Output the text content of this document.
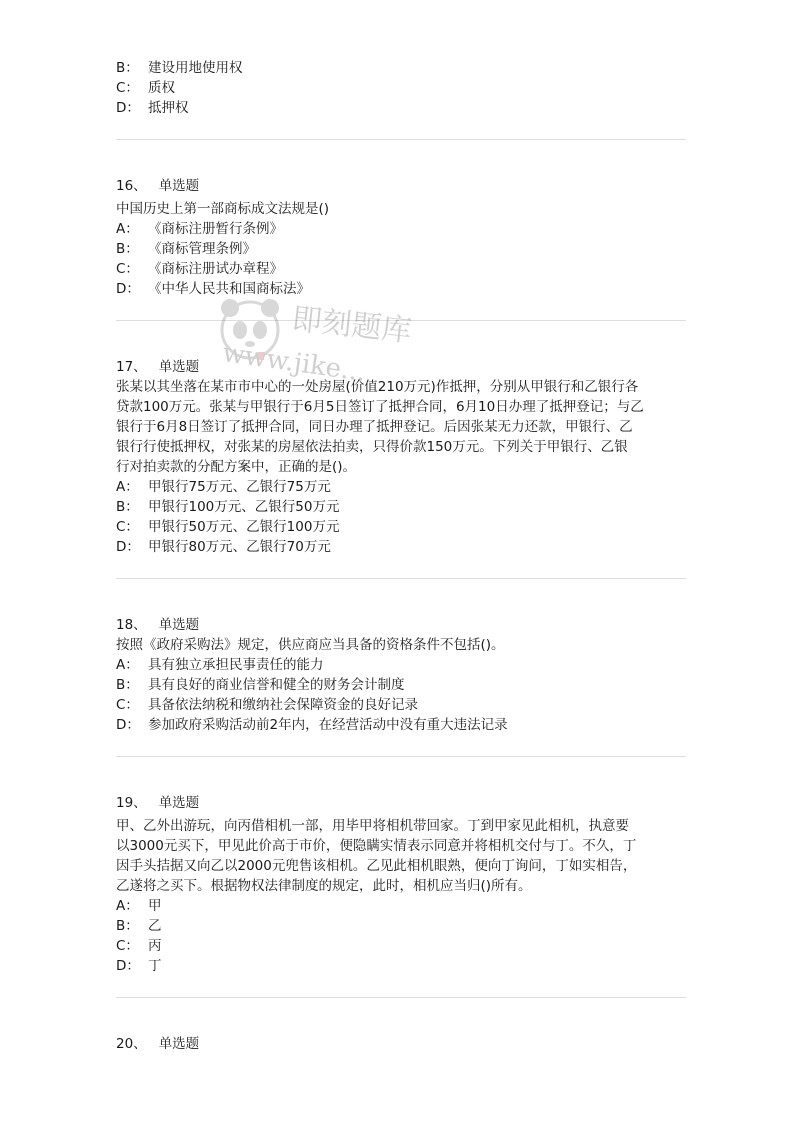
B： 建设用地使用权
C： 质权
D： 抵押权
16、 单选题
中国历史上第一部商标成文法规是()
A： 《商标注册暂行条例》
B： 《商标管理条例》
C： 《商标注册试办章程》
D： 《中华人民共和国商标法》
17、 单选题
张某以其坐落在某市市中心的一处房屋(价值210万元)作抵押，分别从甲银行和乙银行各
贷款100万元。张某与甲银行于6月5日签订了抵押合同，6月10日办理了抵押登记；与乙
银行于6月8日签订了抵押合同，同日办理了抵押登记。后因张某无力还款，甲银行、乙
银行行使抵押权，对张某的房屋依法拍卖，只得价款150万元。下列关于甲银行、乙银
行对拍卖款的分配方案中，正确的是()。
A： 甲银行75万元、乙银行75万元
B： 甲银行100万元、乙银行50万元
C： 甲银行50万元、乙银行100万元
D： 甲银行80万元、乙银行70万元
18、 单选题
按照《政府采购法》规定，供应商应当具备的资格条件不包括()。
A： 具有独立承担民事责任的能力
B： 具有良好的商业信誉和健全的财务会计制度
C： 具备依法纳税和缴纳社会保障资金的良好记录
D： 参加政府采购活动前2年内，在经营活动中没有重大违法记录
19、 单选题
甲、乙外出游玩，向丙借相机一部，用毕甲将相机带回家。丁到甲家见此相机，执意要
以3000元买下，甲见此价高于市价，便隐瞒实情表示同意并将相机交付与丁。不久，丁
因手头拮据又向乙以2000元兜售该相机。乙见此相机眼熟，便向丁询问，丁如实相告，
乙遂将之买下。根据物权法律制度的规定，此时，相机应当归()所有。
A： 甲
B： 乙
C： 丙
D： 丁
20、 单选题
即刻题库
www.jike...
